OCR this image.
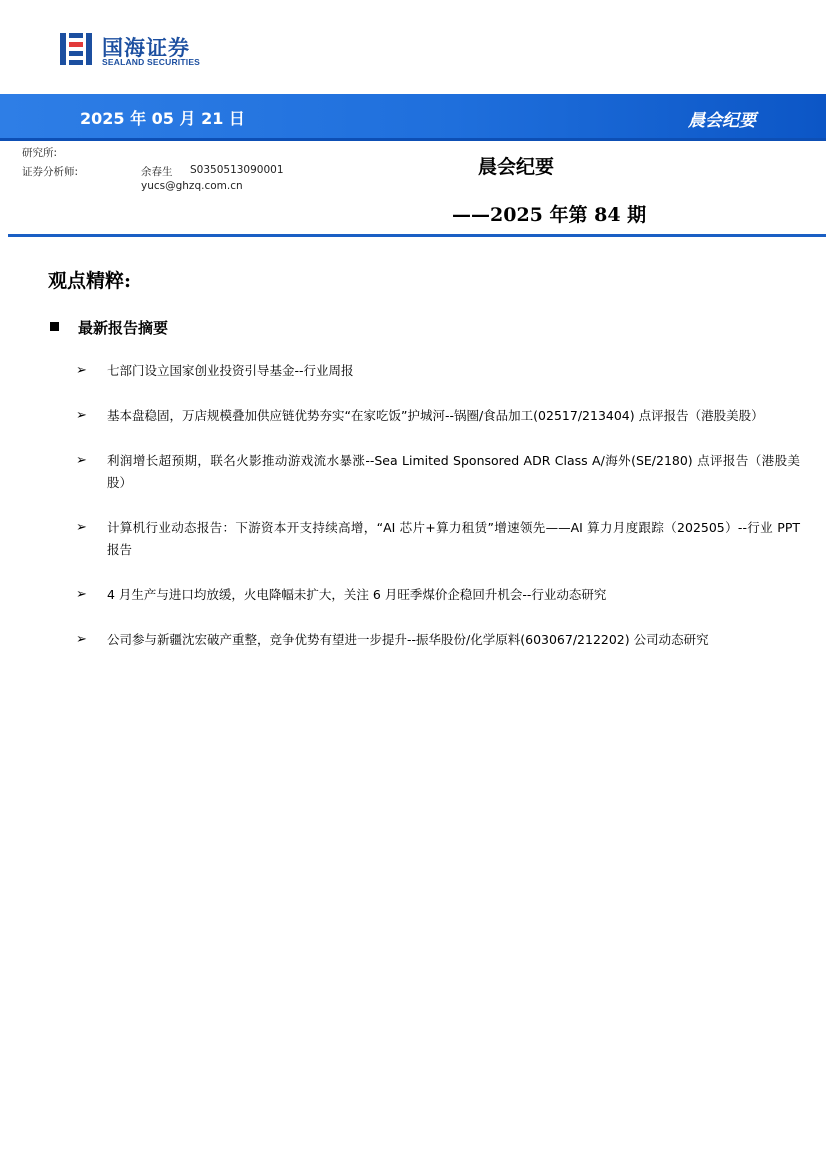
国海证券
SEALAND SECURITIES
2025 年 05 月 21 日	晨会纪要
研究所:
证券分析师:	余春生 S0350513090001
yucs@ghzq.com.cn
晨会纪要
——2025 年第 84 期
观点精粹:
最新报告摘要
➢ 七部门设立国家创业投资引导基金--行业周报
➢ 基本盘稳固，万店规模叠加供应链优势夯实“在家吃饭”护城河--锅圈/食品加工(02517/213404) 点评报告（港股美股）
➢ 利润增长超预期，联名火影推动游戏流水暴涨--Sea Limited Sponsored ADR Class A/海外(SE/2180) 点评报告（港股美股）
➢ 计算机行业动态报告：下游资本开支持续高增，“AI 芯片+算力租赁”增速领先——AI 算力月度跟踪（202505）--行业 PPT 报告
➢ 4 月生产与进口均放缓，火电降幅未扩大，关注 6 月旺季煤价企稳回升机会--行业动态研究
➢ 公司参与新疆沈宏破产重整，竞争优势有望进一步提升--振华股份/化学原料(603067/212202) 公司动态研究
